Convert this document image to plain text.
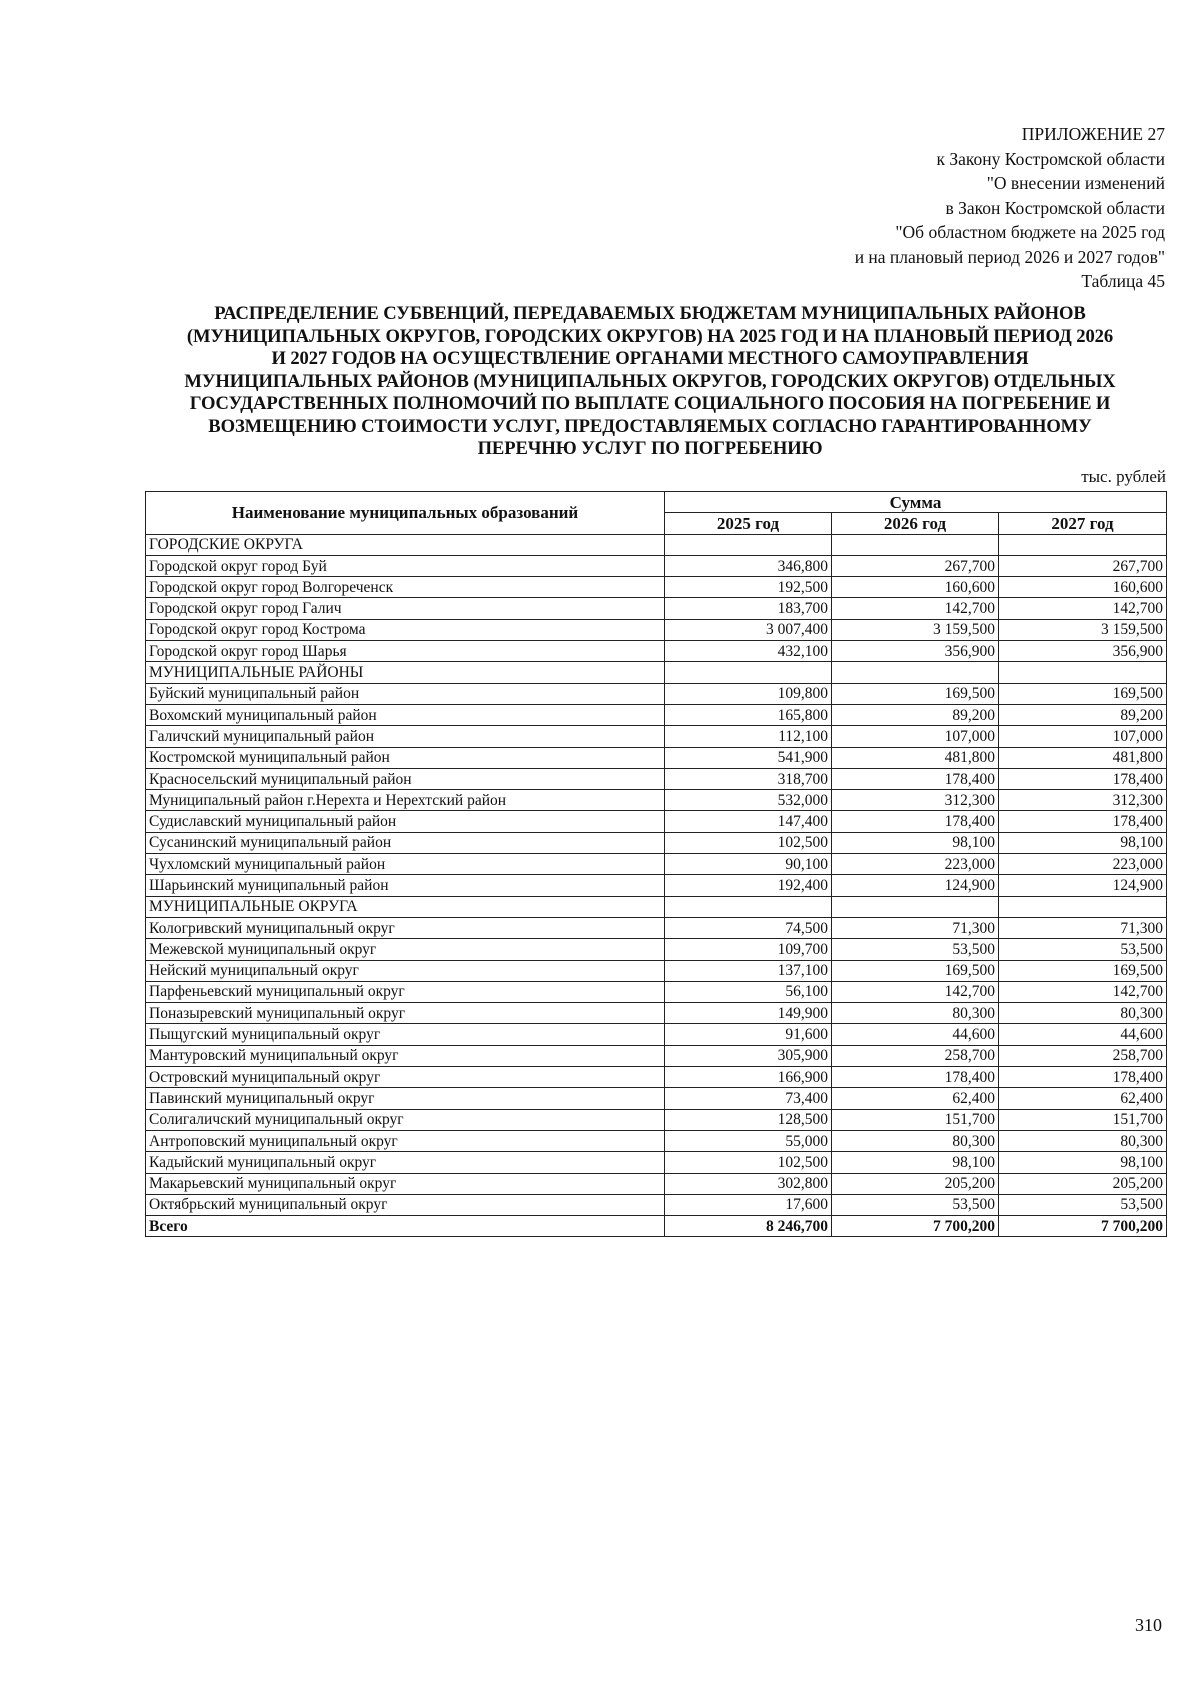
ПРИЛОЖЕНИЕ 27
к Закону Костромской области
"О внесении изменений
в Закон Костромской области
"Об областном бюджете на 2025 год
и на плановый период 2026 и 2027 годов"
Таблица 45
РАСПРЕДЕЛЕНИЕ СУБВЕНЦИЙ, ПЕРЕДАВАЕМЫХ БЮДЖЕТАМ МУНИЦИПАЛЬНЫХ РАЙОНОВ
(МУНИЦИПАЛЬНЫХ ОКРУГОВ, ГОРОДСКИХ ОКРУГОВ) НА 2025 ГОД И НА ПЛАНОВЫЙ ПЕРИОД 2026
И 2027 ГОДОВ НА ОСУЩЕСТВЛЕНИЕ ОРГАНАМИ МЕСТНОГО САМОУПРАВЛЕНИЯ
МУНИЦИПАЛЬНЫХ РАЙОНОВ (МУНИЦИПАЛЬНЫХ ОКРУГОВ, ГОРОДСКИХ ОКРУГОВ) ОТДЕЛЬНЫХ
ГОСУДАРСТВЕННЫХ ПОЛНОМОЧИЙ ПО ВЫПЛАТЕ СОЦИАЛЬНОГО ПОСОБИЯ НА ПОГРЕБЕНИЕ И
ВОЗМЕЩЕНИЮ СТОИМОСТИ УСЛУГ, ПРЕДОСТАВЛЯЕМЫХ СОГЛАСНО ГАРАНТИРОВАННОМУ
ПЕРЕЧНЮ УСЛУГ ПО ПОГРЕБЕНИЮ
тыс. рублей
Наименование муниципальных образований	Сумма		
	2025 год	2026 год	2027 год
ГОРОДСКИЕ ОКРУГА			
Городской округ город Буй	346,800	267,700	267,700
Городской округ город Волгореченск	192,500	160,600	160,600
Городской округ город Галич	183,700	142,700	142,700
Городской округ город Кострома	3 007,400	3 159,500	3 159,500
Городской округ город Шарья	432,100	356,900	356,900
МУНИЦИПАЛЬНЫЕ РАЙОНЫ			
Буйский муниципальный район	109,800	169,500	169,500
Вохомский муниципальный район	165,800	89,200	89,200
Галичский муниципальный район	112,100	107,000	107,000
Костромской муниципальный район	541,900	481,800	481,800
Красносельский муниципальный район	318,700	178,400	178,400
Муниципальный район г.Нерехта и Нерехтский район	532,000	312,300	312,300
Судиславский муниципальный район	147,400	178,400	178,400
Сусанинский муниципальный район	102,500	98,100	98,100
Чухломский муниципальный район	90,100	223,000	223,000
Шарьинский муниципальный район	192,400	124,900	124,900
МУНИЦИПАЛЬНЫЕ ОКРУГА			
Кологривский муниципальный округ	74,500	71,300	71,300
Межевской муниципальный округ	109,700	53,500	53,500
Нейский муниципальный округ	137,100	169,500	169,500
Парфеньевский муниципальный округ	56,100	142,700	142,700
Поназыревский муниципальный округ	149,900	80,300	80,300
Пыщугский муниципальный округ	91,600	44,600	44,600
Мантуровский муниципальный округ	305,900	258,700	258,700
Островский муниципальный округ	166,900	178,400	178,400
Павинский муниципальный округ	73,400	62,400	62,400
Солигаличский муниципальный округ	128,500	151,700	151,700
Антроповский муниципальный округ	55,000	80,300	80,300
Кадыйский муниципальный округ	102,500	98,100	98,100
Макарьевский муниципальный округ	302,800	205,200	205,200
Октябрьский муниципальный округ	17,600	53,500	53,500
Всего	8 246,700	7 700,200	7 700,200
310
